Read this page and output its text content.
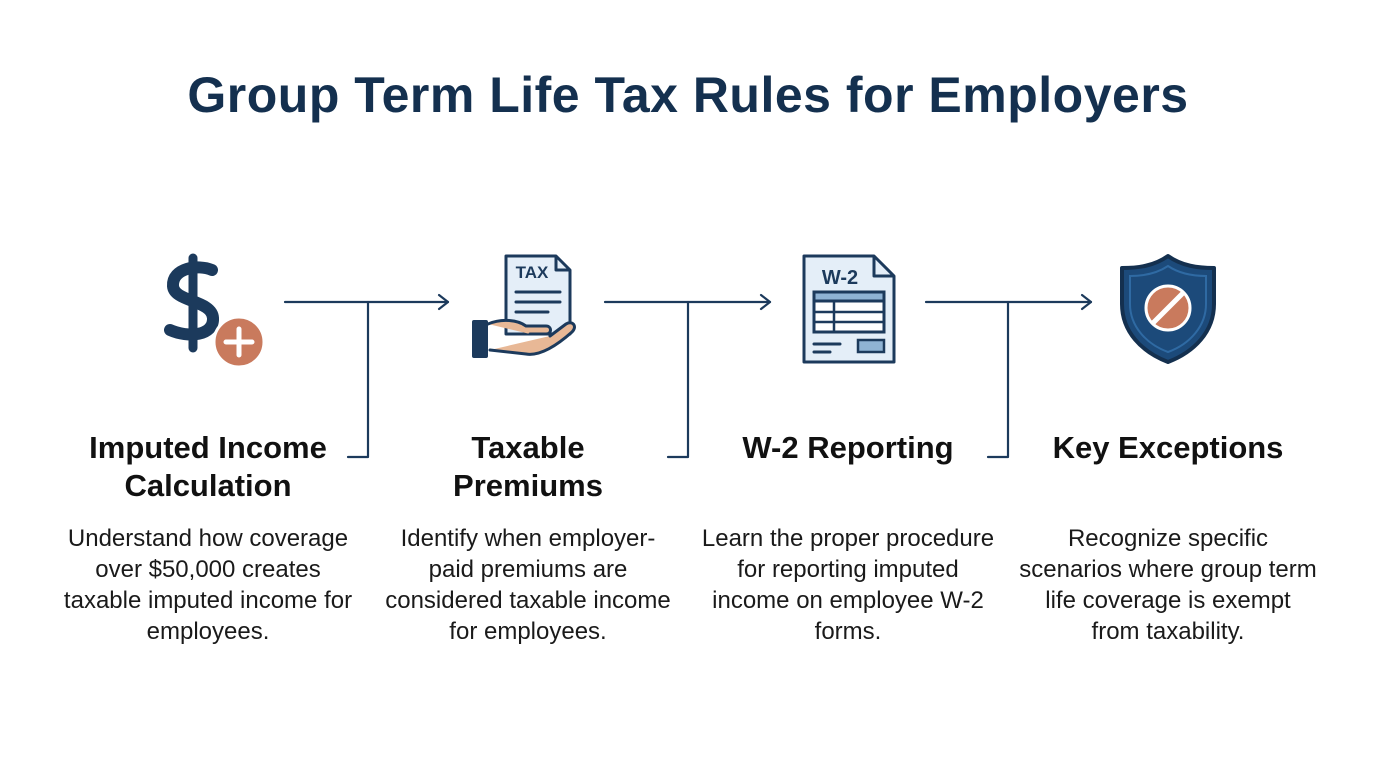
Group Term Life Tax Rules for Employers
TAX	W-2
Imputed Income Calculation
Understand how coverage over $50,000 creates taxable imputed income for employees.
Taxable Premiums
Identify when employer-paid premiums are considered taxable income for employees.
W-2 Reporting
Learn the proper procedure for reporting imputed income on employee W-2 forms.
Key Exceptions
Recognize specific scenarios where group term life coverage is exempt from taxability.
